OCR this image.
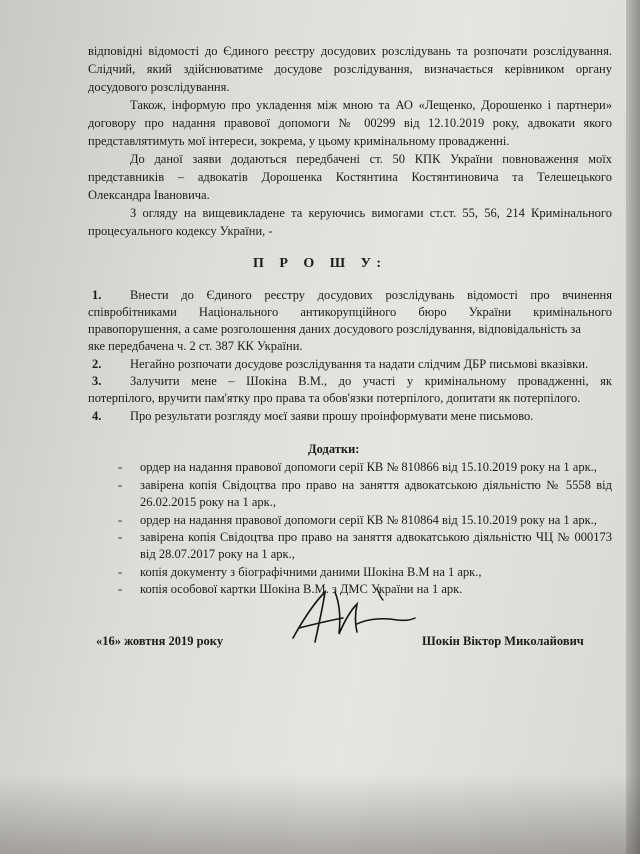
відповідні відомості до Єдиного реєстру досудових розслідувань та розпочати розслідування.
Слідчий, який здійснюватиме досудове розслідування, визначається керівником органу
досудового розслідування.
Також, інформую про укладення між мною та АО «Лещенко, Дорошенко і партнери»
договору про надання правової допомоги № 00299 від 12.10.2019 року, адвокати якого
представлятимуть мої інтереси, зокрема, у цьому кримінальному провадженні.
До даної заяви додаються передбачені ст. 50 КПК України повноваження моїх
представників – адвокатів Дорошенка Костянтина Костянтиновича та Телешецького
Олександра Івановича.
З огляду на вищевикладене та керуючись вимогами ст.ст. 55, 56, 214 Кримінального
процесуального кодексу України, -
П Р О Ш У:
1. Внести до Єдиного реєстру досудових розслідувань відомості про вчинення
співробітниками Національного антикорупційного бюро України кримінального
правопорушення, а саме розголошення даних досудового розслідування, відповідальність за
яке передбачена ч. 2 ст. 387 КК України.
2. Негайно розпочати досудове розслідування та надати слідчим ДБР письмові вказівки.
3. Залучити мене – Шокіна В.М., до участі у кримінальному провадженні, як
потерпілого, вручити пам'ятку про права та обов'язки потерпілого, допитати як потерпілого.
4. Про результати розгляду моєї заяви прошу проінформувати мене письмово.
Додатки:
- ордер на надання правової допомоги серії КВ № 810866 від 15.10.2019 року на 1 арк.,
- завірена копія Свідоцтва про право на заняття адвокатською діяльністю № 5558 від
26.02.2015 року на 1 арк.,
- ордер на надання правової допомоги серії КВ № 810864 від 15.10.2019 року на 1 арк.,
- завірена копія Свідоцтва про право на заняття адвокатською діяльністю ЧЦ № 000173
від 28.07.2017 року на 1 арк.,
- копія документу з біографічними даними Шокіна В.М на 1 арк.,
- копія особової картки Шокіна В.М. з ДМС України на 1 арк.
«16» жовтня 2019 року	Шокін Віктор Миколайович
